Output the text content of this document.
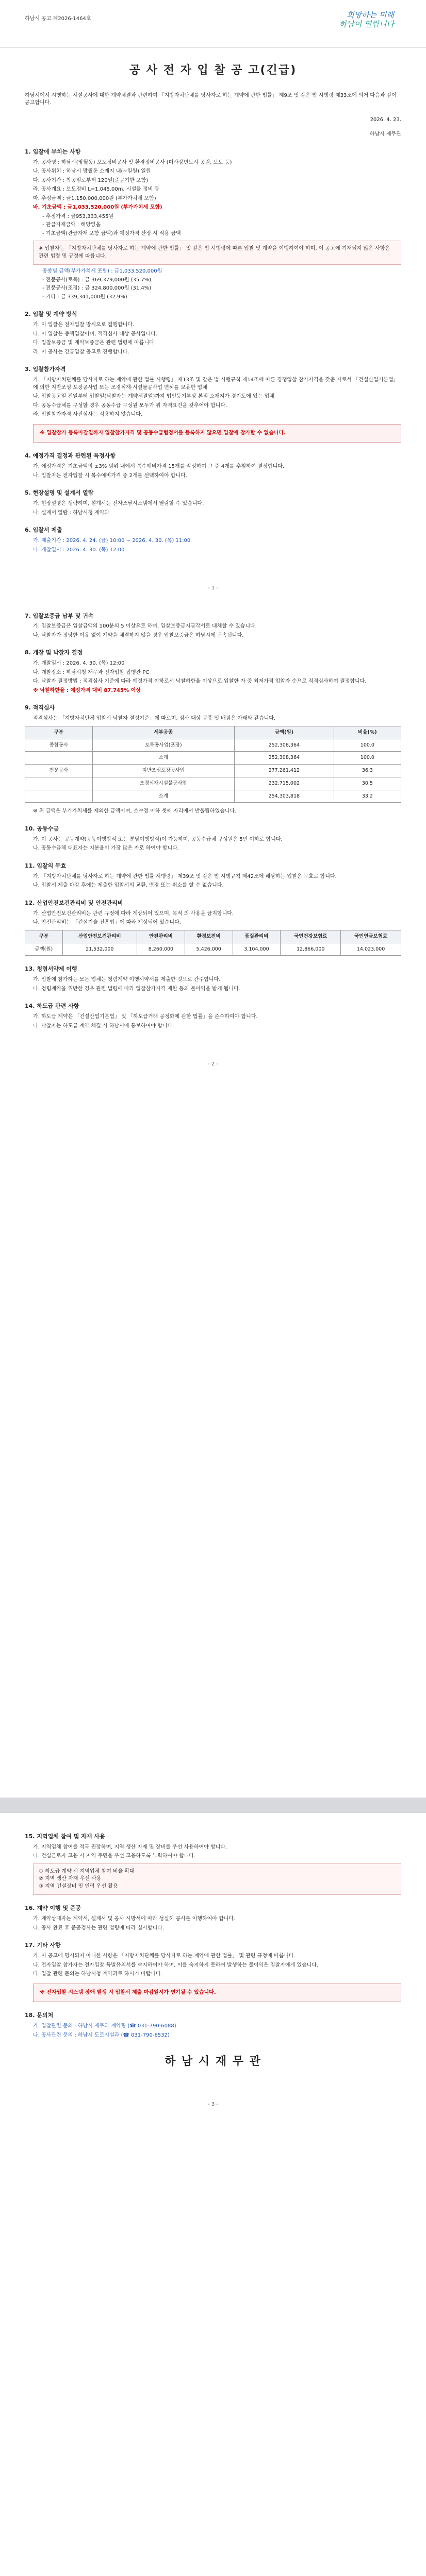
하남시 공고 제2026-1464호	희망하는 미래
하남이 열립니다
공 사 전 자 입 찰 공 고(긴급)
하남시에서 시행하는 시설공사에 대한 계약체결과 관련하여 「지방자치단체를 당사자로 하는 계약에 관한 법률」 제9조 및 같은 법 시행령 제33조에 의거 다음과 같이 공고합니다.
2026. 4. 23.
하남시 재무관
1. 입찰에 부치는 사항
가. 공사명 : 하남시(망월동) 보도정비공사 및 환경정비공사 (미사강변도시 공원, 보도 등)
나. 공사위치 : 하남시 망월동 소재지 내(~일원) 일원
다. 공사기간 : 착공일로부터 120일(준공기한 포함)
라. 공사개요 : 보도정비 L=1,045.00m, 시설물 정비 등
마. 추정금액 : 금1,150,000,000원 (부가가치세 포함)
바. 기초금액 : 금1,033,520,000원 (부가가치세 포함)
- 추정가격 : 금953,333,455원
- 관급자재금액 : 해당없음
- 기초금액(관급자재 포함 금액)과 예정가격 산정 시 적용 금액
※ 입찰자는 「지방자치단체를 당사자로 하는 계약에 관한 법률」 및 같은 법 시행령에 따른 입찰 및 계약을 이행하여야 하며, 이 공고에 기재되지 않은 사항은 관련 법령 및 규정에 따릅니다.
공종별 금액(부가가치세 포함) : 금1,033,520,000원
- 전문공사(토목) : 금 369,379,000원 (35.7%)
- 전문공사(조경) : 금 324,800,000원 (31.4%)
- 기타 : 금 339,341,000원 (32.9%)
2. 입찰 및 계약 방식
가. 이 입찰은 전자입찰 방식으로 집행합니다.
나. 이 입찰은 총액입찰이며, 적격심사 대상 공사입니다.
다. 입찰보증금 및 계약보증금은 관련 법령에 따릅니다.
라. 이 공사는 긴급입찰 공고로 진행합니다.
3. 입찰참가자격
가. 「지방자치단체를 당사자로 하는 계약에 관한 법률 시행령」 제13조 및 같은 법 시행규칙 제14조에 따른 경쟁입찰 참가자격을 갖춘 자로서 「건설산업기본법」에 의한 지반조성·포장공사업 또는 조경식재·시설물공사업 면허를 보유한 업체
나. 입찰공고일 전일부터 입찰일(낙찰자는 계약체결일)까지 법인등기부상 본점 소재지가 경기도에 있는 업체
다. 공동수급체를 구성할 경우 공동수급 구성원 모두가 위 자격요건을 갖추어야 합니다.
라. 입찰참가자격 사전심사는 적용하지 않습니다.
※ 입찰참가 등록마감일까지 입찰참가자격 및 공동수급협정서를 등록하지 않으면 입찰에 참가할 수 없습니다.
4. 예정가격 결정과 관련된 특정사항
가. 예정가격은 기초금액의 ±3% 범위 내에서 복수예비가격 15개를 작성하여 그 중 4개를 추첨하여 결정합니다.
나. 입찰자는 전자입찰 시 복수예비가격 중 2개를 선택하여야 합니다.
5. 현장설명 및 설계서 열람
가. 현장설명은 생략하며, 설계서는 전자조달시스템에서 열람할 수 있습니다.
나. 설계서 열람 : 하남시청 계약과
6. 입찰서 제출
가. 제출기간 : 2026. 4. 24. (금) 10:00 ~ 2026. 4. 30. (목) 11:00
나. 개찰일시 : 2026. 4. 30. (목) 12:00
- 1 -
7. 입찰보증금 납부 및 귀속
가. 입찰보증금은 입찰금액의 100분의 5 이상으로 하며, 입찰보증금지급각서로 대체할 수 있습니다.
나. 낙찰자가 정당한 이유 없이 계약을 체결하지 않을 경우 입찰보증금은 하남시에 귀속됩니다.
8. 개찰 및 낙찰자 결정
가. 개찰일시 : 2026. 4. 30. (목) 12:00
나. 개찰장소 : 하남시청 재무과 전자입찰 집행관 PC
다. 낙찰자 결정방법 : 적격심사 기준에 따라 예정가격 이하로서 낙찰하한율 이상으로 입찰한 자 중 최저가격 입찰자 순으로 적격심사하여 결정합니다.
※ 낙찰하한율 : 예정가격 대비 87.745% 이상
9. 적격심사
적격심사는 「지방자치단체 입찰시 낙찰자 결정기준」에 따르며, 심사 대상 공종 및 배점은 아래와 같습니다.
구분	세부공종	금액(원)	비율(%)
종합공사	토목공사업(포장)	252,308,364	100.0
	소계	252,308,364	100.0
전문공사	지반조성포장공사업	277,261,412	36.3
	조경식재시설물공사업	232,715,002	30.5
	소계	254,303,818	33.2
※ 위 금액은 부가가치세를 제외한 금액이며, 소수점 이하 셋째 자리에서 반올림하였습니다.
10. 공동수급
가. 이 공사는 공동계약(공동이행방식 또는 분담이행방식)이 가능하며, 공동수급체 구성원은 5인 이하로 합니다.
나. 공동수급체 대표자는 지분율이 가장 많은 자로 하여야 합니다.
11. 입찰의 무효
가. 「지방자치단체를 당사자로 하는 계약에 관한 법률 시행령」 제39조 및 같은 법 시행규칙 제42조에 해당하는 입찰은 무효로 합니다.
나. 입찰서 제출 마감 후에는 제출한 입찰서의 교환, 변경 또는 취소를 할 수 없습니다.
12. 산업안전보건관리비 및 안전관리비
가. 산업안전보건관리비는 관련 규정에 따라 계상되어 있으며, 목적 외 사용을 금지합니다.
나. 안전관리비는 「건설기술 진흥법」에 따라 계상되어 있습니다.
구분	산업안전보건관리비	안전관리비	환경보전비	품질관리비	국민건강보험료	국민연금보험료
금액(원)	21,532,000	8,260,000	5,426,000	3,104,000	12,866,000	14,023,000
13. 청렴서약제 이행
가. 입찰에 참가하는 모든 업체는 청렴계약 이행서약서를 제출한 것으로 간주합니다.
나. 청렴계약을 위반한 경우 관련 법령에 따라 입찰참가자격 제한 등의 불이익을 받게 됩니다.
14. 하도급 관련 사항
가. 하도급 계약은 「건설산업기본법」 및 「하도급거래 공정화에 관한 법률」을 준수하여야 합니다.
나. 낙찰자는 하도급 계약 체결 시 하남시에 통보하여야 합니다.
- 2 -
15. 지역업체 참여 및 자재 사용
가. 지역업체 참여를 적극 권장하며, 지역 생산 자재 및 장비를 우선 사용하여야 합니다.
나. 건설근로자 고용 시 지역 주민을 우선 고용하도록 노력하여야 합니다.
① 하도급 계약 시 지역업체 참여 비율 확대
② 지역 생산 자재 우선 사용
③ 지역 건설장비 및 인력 우선 활용
16. 계약 이행 및 준공
가. 계약상대자는 계약서, 설계서 및 공사 시방서에 따라 성실히 공사를 이행하여야 합니다.
나. 공사 완료 후 준공검사는 관련 법령에 따라 실시합니다.
17. 기타 사항
가. 이 공고에 명시되지 아니한 사항은 「지방자치단체를 당사자로 하는 계약에 관한 법률」 및 관련 규정에 따릅니다.
나. 전자입찰 참가자는 전자입찰 특별유의서를 숙지하여야 하며, 이를 숙지하지 못하여 발생하는 불이익은 입찰자에게 있습니다.
다. 입찰 관련 문의는 하남시청 계약과로 하시기 바랍니다.
※ 전자입찰 시스템 장애 발생 시 입찰서 제출 마감일시가 연기될 수 있습니다.
18. 문의처
가. 입찰관련 문의 : 하남시 재무과 계약팀 (☎ 031-790-6088)
나. 공사관련 문의 : 하남시 도로시설과 (☎ 031-790-6532)
하 남 시 재 무 관
- 3 -
